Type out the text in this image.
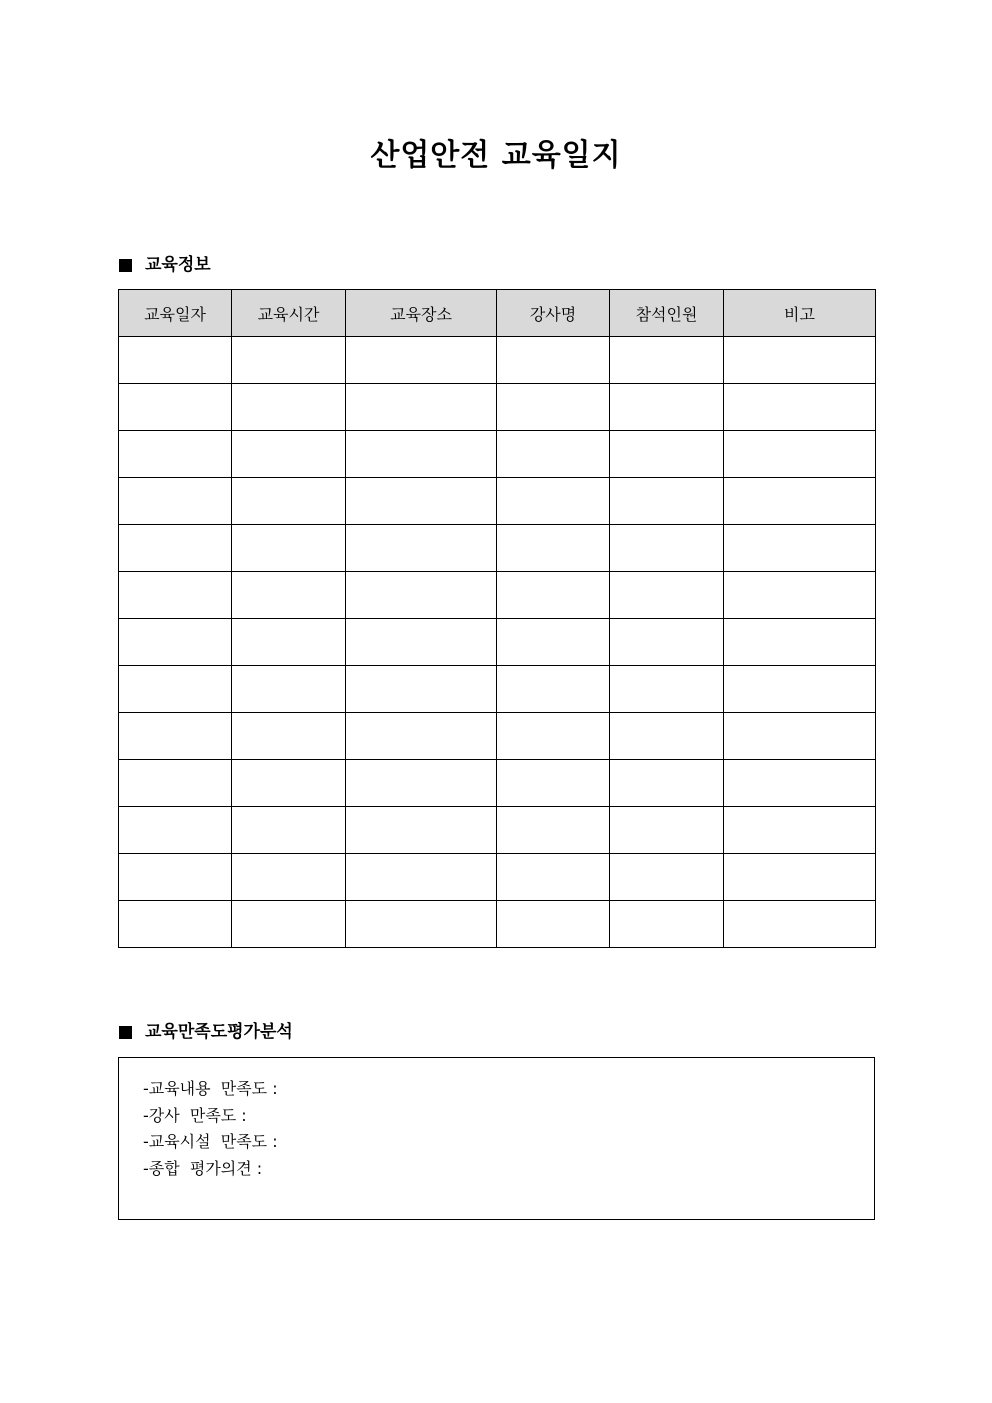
산업안전 교육일지
교육정보
교육일자	교육시간	교육장소	강사명	참석인원	비고

교육만족도평가분석
-교육내용  만족도 :
-강사  만족도 :
-교육시설  만족도 :
-종합  평가의견 :
